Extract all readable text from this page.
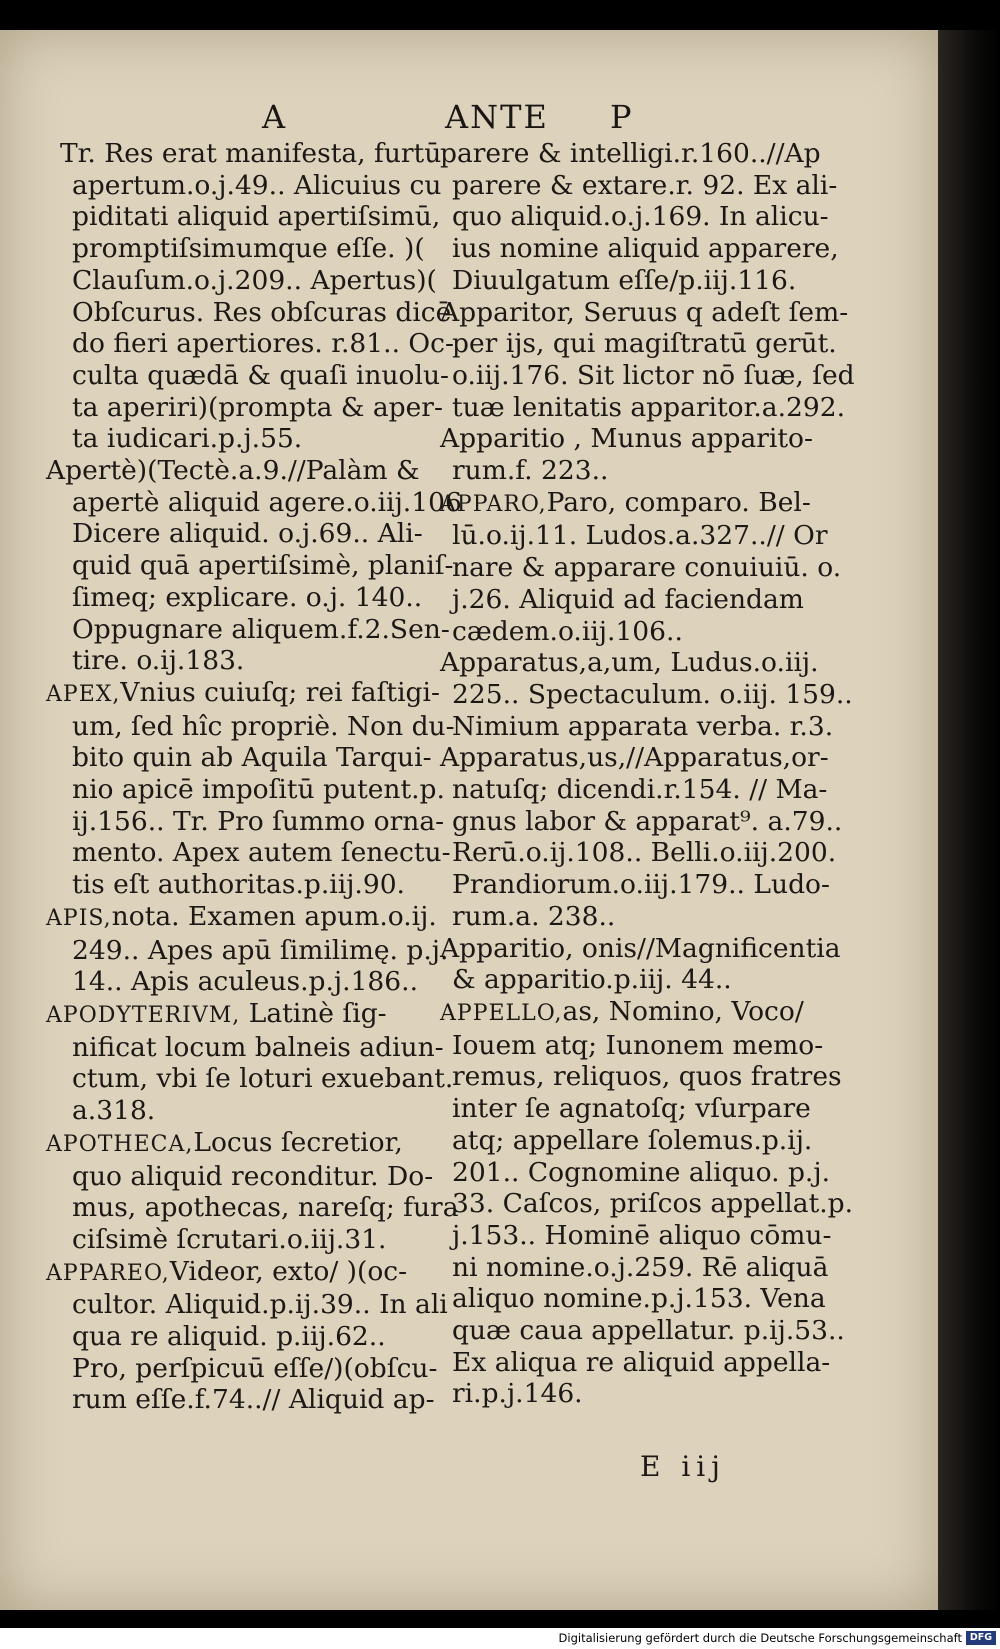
A	ANTE P
Tr. Res erat manifesta, furtū
apertum.o.j.49.. Alicuius cu
piditati aliquid apertiſsimū,
promptiſsimumque eſſe. )(
Clauſum.o.j.209.. Apertus)(
Obſcurus. Res obſcuras dicē
do fieri apertiores. r.81.. Oc-
culta quædā & quaſi inuolu-
ta aperiri)(prompta & aper-
ta iudicari.p.j.55.
Apertè)(Tectè.a.9.//Palàm &
apertè aliquid agere.o.iij.106
Dicere aliquid. o.j.69.. Ali-
quid quā apertiſsimè, planiſ-
ſimeq; explicare. o.j. 140..
Oppugnare aliquem.f.2.Sen-
tire. o.ij.183.
APEX,Vnius cuiuſq; rei faſtigi-
um, ſed hîc propriè. Non du-
bito quin ab Aquila Tarqui-
nio apicē impoſitū putent.p.
ij.156.. Tr. Pro ſummo orna-
mento. Apex autem ſenectu-
tis eſt authoritas.p.iij.90.
APIS,nota. Examen apum.o.ij.
249.. Apes apū ſimilimę. p.j.
14.. Apis aculeus.p.j.186..
APODYTERIVM, Latinè ſig-
nificat locum balneis adiun-
ctum, vbi ſe loturi exuebant.
a.318.
APOTHECA,Locus ſecretior,
quo aliquid reconditur. Do-
mus, apothecas, nareſq; fura
ciſsimè ſcrutari.o.iij.31.
APPAREO,Videor, exto/ )(oc-
cultor. Aliquid.p.ij.39.. In ali
qua re aliquid. p.iij.62..
Pro, perſpicuū eſſe/)(obſcu-
rum eſſe.f.74..// Aliquid ap-
parere & intelligi.r.160..//Ap
parere & extare.r. 92. Ex ali-
quo aliquid.o.j.169. In alicu-
ius nomine aliquid apparere,
Diuulgatum eſſe/p.iij.116.
Apparitor, Seruus q adeſt ſem-
per ijs, qui magiſtratū gerūt.
o.iij.176. Sit lictor nō ſuæ, ſed
tuæ lenitatis apparitor.a.292.
Apparitio , Munus apparito-
rum.f. 223..
APPARO,Paro, comparo. Bel-
lū.o.ij.11. Ludos.a.327..// Or
nare & apparare conuiuiū. o.
j.26. Aliquid ad faciendam
cædem.o.iij.106..
Apparatus,a,um, Ludus.o.iij.
225.. Spectaculum. o.iij. 159..
Nimium apparata verba. r.3.
Apparatus,us,//Apparatus,or-
natuſq; dicendi.r.154. // Ma-
gnus labor & apparat⁹. a.79..
Rerū.o.ij.108.. Belli.o.iij.200.
Prandiorum.o.iij.179.. Ludo-
rum.a. 238..
Apparitio, onis//Magnificentia
& apparitio.p.iij. 44..
APPELLO,as, Nomino, Voco/
Iouem atq; Iunonem memo-
remus, reliquos, quos fratres
inter ſe agnatoſq; vſurpare
atq; appellare ſolemus.p.ij.
201.. Cognomine aliquo. p.j.
33. Caſcos, priſcos appellat.p.
j.153.. Hominē aliquo cōmu-
ni nomine.o.j.259. Rē aliquā
aliquo nomine.p.j.153. Vena
quæ caua appellatur. p.ij.53..
Ex aliqua re aliquid appella-
ri.p.j.146.
E iij
Digitalisierung gefördert durch die Deutsche Forschungsgemeinschaft DFG
